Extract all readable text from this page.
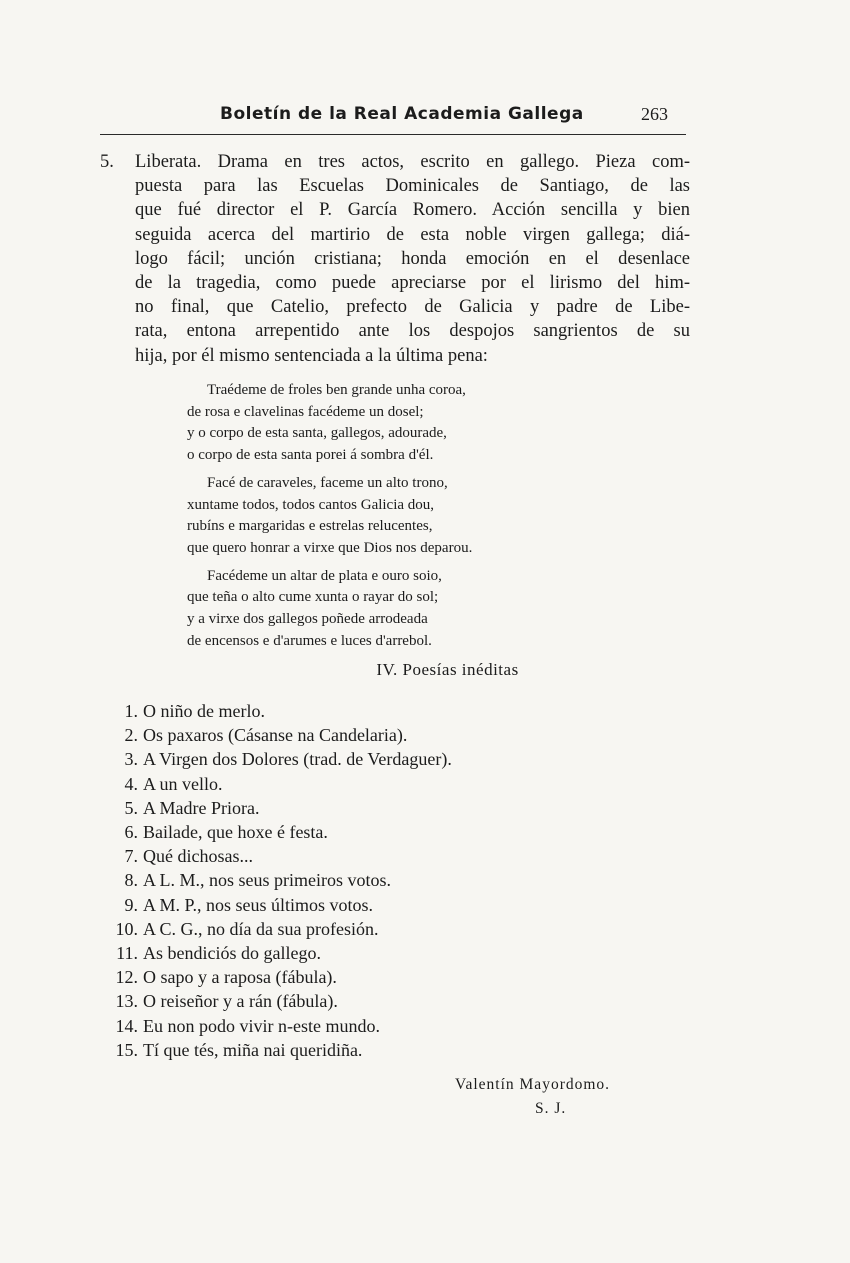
Boletín de la Real Academia Gallega	263
5.	Liberata. Drama en tres actos, escrito en gallego. Pieza com-
puesta para las Escuelas Dominicales de Santiago, de las
que fué director el P. García Romero. Acción sencilla y bien
seguida acerca del martirio de esta noble virgen gallega; diá-
logo fácil; unción cristiana; honda emoción en el desenlace
de la tragedia, como puede apreciarse por el lirismo del him-
no final, que Catelio, prefecto de Galicia y padre de Libe-
rata, entona arrepentido ante los despojos sangrientos de su
hija, por él mismo sentenciada a la última pena:
Traédeme de froles ben grande unha coroa,
de rosa e clavelinas facédeme un dosel;
y o corpo de esta santa, gallegos, adourade,
o corpo de esta santa porei á sombra d'él.
Facé de caraveles, faceme un alto trono,
xuntame todos, todos cantos Galicia dou,
rubíns e margaridas e estrelas relucentes,
que quero honrar a virxe que Dios nos deparou.
Facédeme un altar de plata e ouro soio,
que teña o alto cume xunta o rayar do sol;
y a virxe dos gallegos poñede arrodeada
de encensos e d'arumes e luces d'arrebol.
IV. Poesías inéditas
1. O niño de merlo.
2. Os paxaros (Cásanse na Candelaria).
3. A Virgen dos Dolores (trad. de Verdaguer).
4. A un vello.
5. A Madre Priora.
6. Bailade, que hoxe é festa.
7. Qué dichosas...
8. A L. M., nos seus primeiros votos.
9. A M. P., nos seus últimos votos.
10. A C. G., no día da sua profesión.
11. As bendiciós do gallego.
12. O sapo y a raposa (fábula).
13. O reiseñor y a rán (fábula).
14. Eu non podo vivir n-este mundo.
15. Tí que tés, miña nai queridiña.
Valentín Mayordomo.
S. J.
